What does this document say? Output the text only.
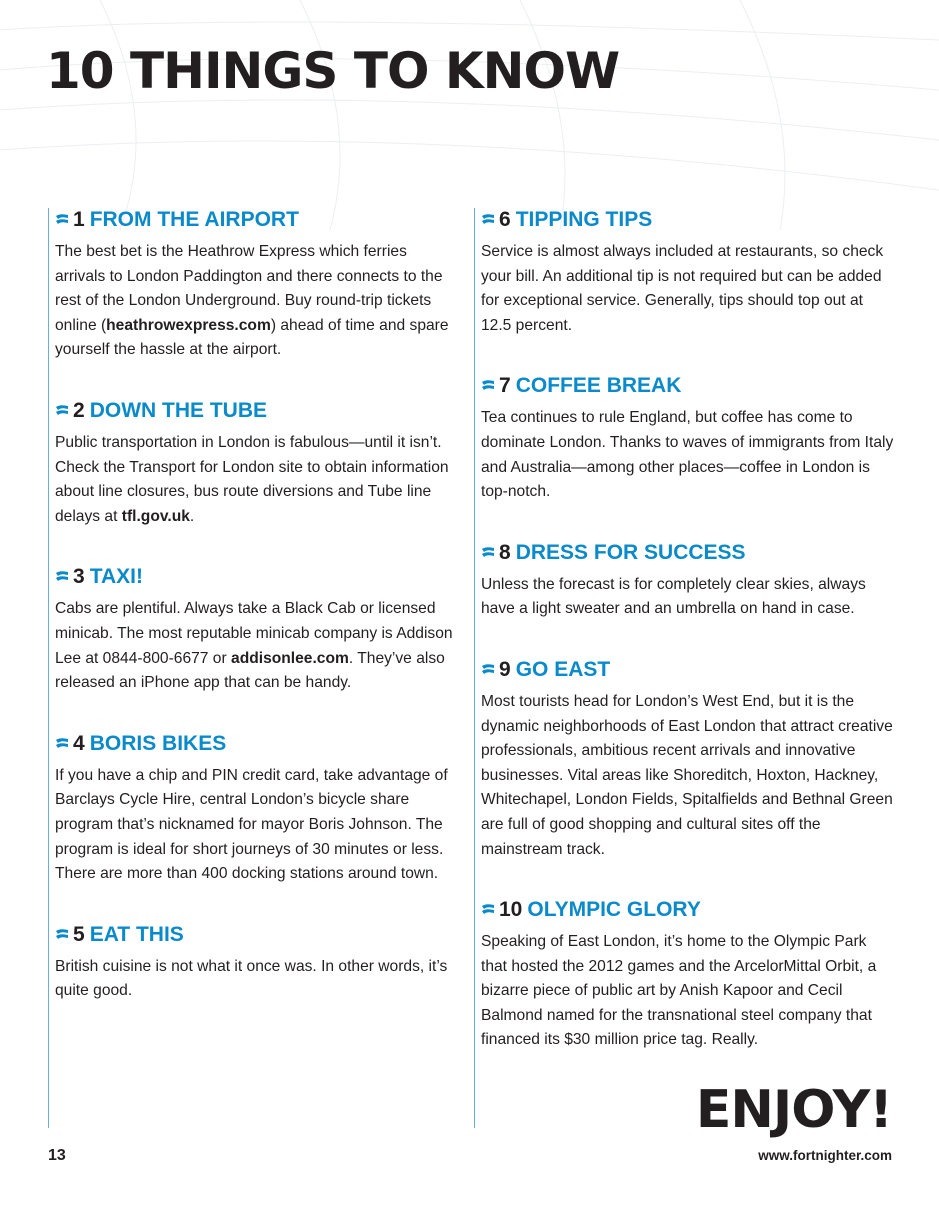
10 THINGS TO KNOW
1 FROM THE AIRPORT

The best bet is the Heathrow Express which ferries arrivals to London Paddington and there connects to the rest of the London Underground. Buy round-trip tickets online (heathrowexpress.com) ahead of time and spare yourself the hassle at the airport.

2 DOWN THE TUBE

Public transportation in London is fabulous—until it isn’t. Check the Transport for London site to obtain information about line closures, bus route diversions and Tube line delays at tfl.gov.uk.

3 TAXI!

Cabs are plentiful. Always take a Black Cab or licensed minicab. The most reputable minicab company is Addison Lee at 0844-800-6677 or addisonlee.com. They’ve also released an iPhone app that can be handy.

4 BORIS BIKES

If you have a chip and PIN credit card, take advantage of Barclays Cycle Hire, central London’s bicycle share program that’s nicknamed for mayor Boris Johnson. The program is ideal for short journeys of 30 minutes or less. There are more than 400 docking stations around town.

5 EAT THIS

British cuisine is not what it once was. In other words, it’s quite good.

6 TIPPING TIPS

Service is almost always included at restaurants, so check your bill. An additional tip is not required but can be added for exceptional service. Generally, tips should top out at 12.5 percent.

7 COFFEE BREAK

Tea continues to rule England, but coffee has come to dominate London. Thanks to waves of immigrants from Italy and Australia—among other places—coffee in London is top-notch.

8 DRESS FOR SUCCESS

Unless the forecast is for completely clear skies, always have a light sweater and an umbrella on hand in case.

9 GO EAST

Most tourists head for London’s West End, but it is the dynamic neighborhoods of East London that attract creative professionals, ambitious recent arrivals and innovative businesses. Vital areas like Shoreditch, Hoxton, Hackney, Whitechapel, London Fields, Spitalfields and Bethnal Green are full of good shopping and cultural sites off the mainstream track.

10 OLYMPIC GLORY

Speaking of East London, it’s home to the Olympic Park that hosted the 2012 games and the ArcelorMittal Orbit, a bizarre piece of public art by Anish Kapoor and Cecil Balmond named for the transnational steel company that financed its $30 million price tag. Really.

ENJOY!
13	www.fortnighter.com
